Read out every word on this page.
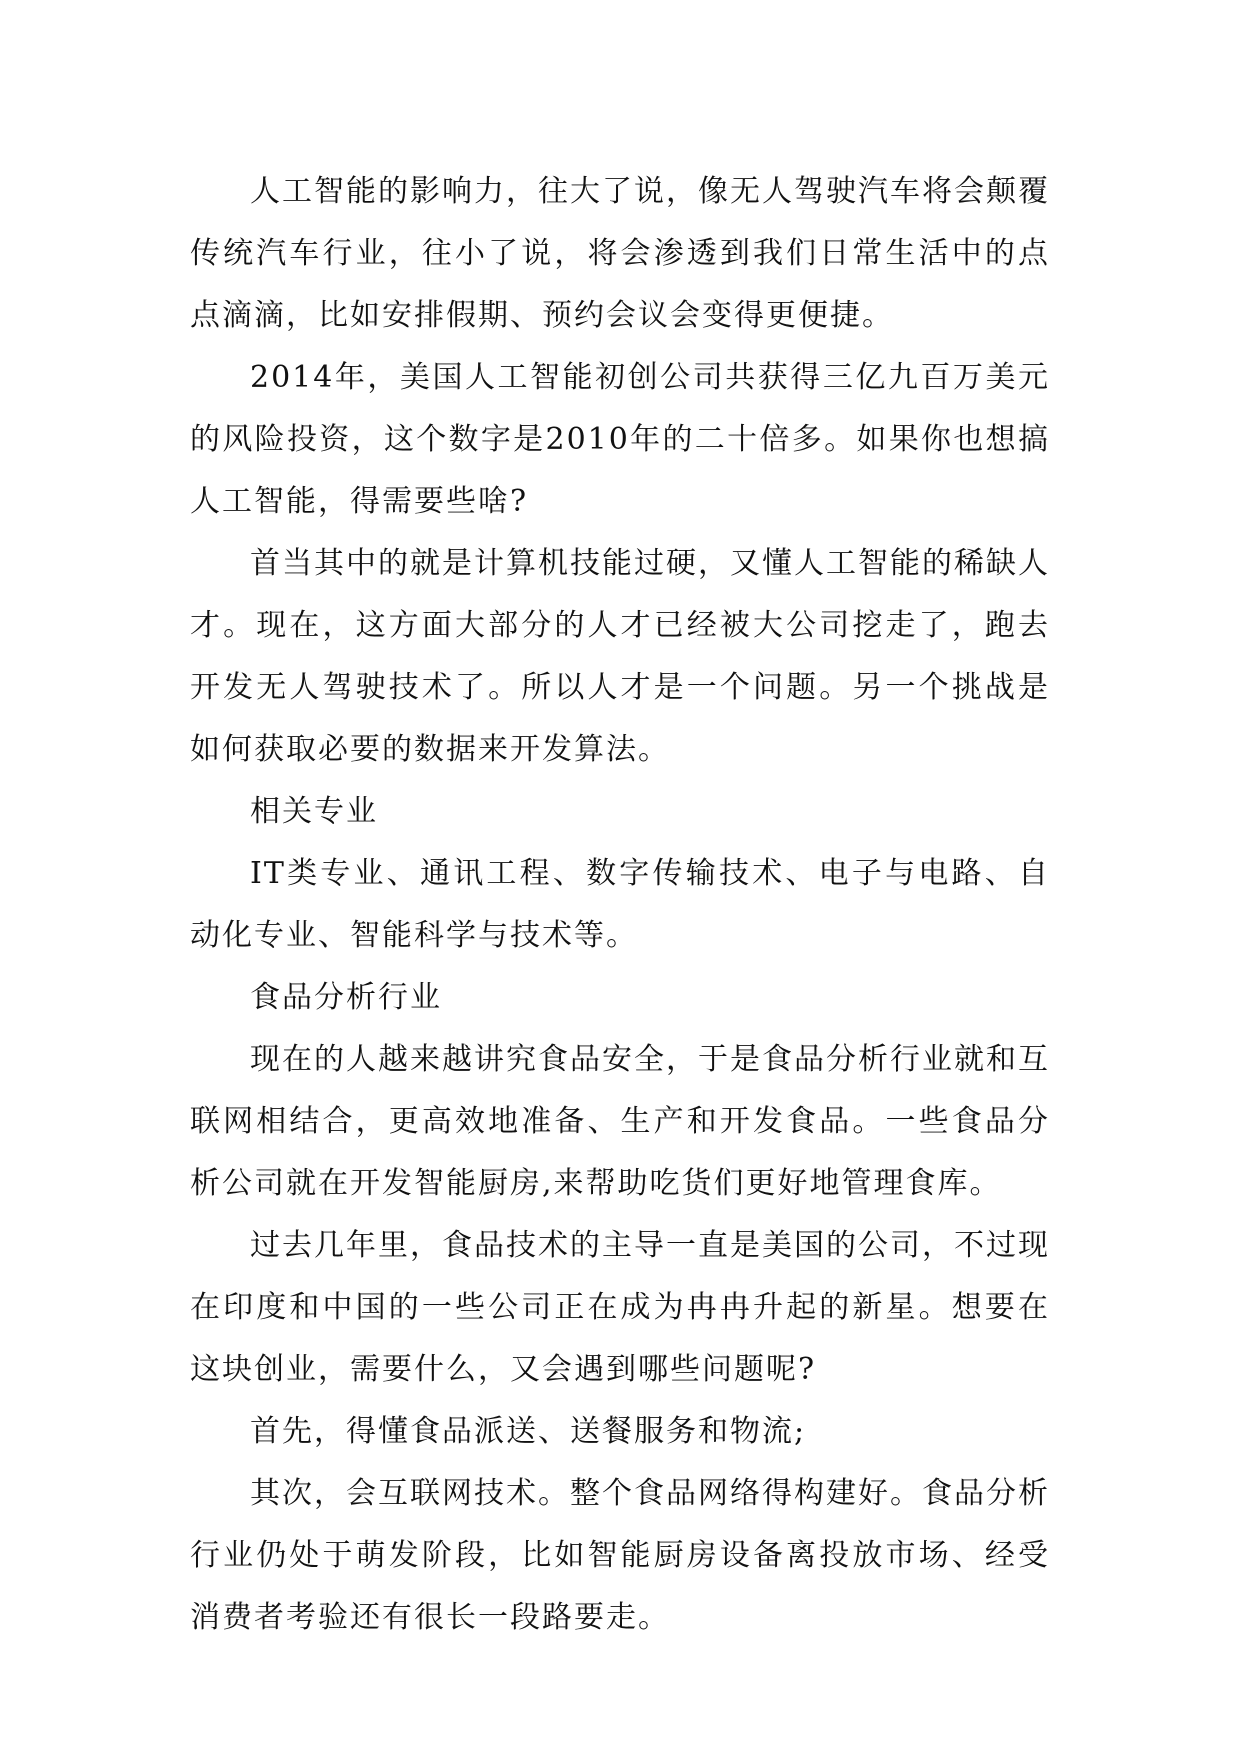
人工智能的影响力，往大了说，像无人驾驶汽车将会颠覆传统汽车行业，往小了说，将会渗透到我们日常生活中的点点滴滴，比如安排假期、预约会议会变得更便捷。

2014年，美国人工智能初创公司共获得三亿九百万美元的风险投资，这个数字是2010年的二十倍多。如果你也想搞人工智能，得需要些啥?

首当其中的就是计算机技能过硬，又懂人工智能的稀缺人才。现在，这方面大部分的人才已经被大公司挖走了，跑去开发无人驾驶技术了。所以人才是一个问题。另一个挑战是如何获取必要的数据来开发算法。

相关专业

IT类专业、通讯工程、数字传输技术、电子与电路、自动化专业、智能科学与技术等。

食品分析行业

现在的人越来越讲究食品安全，于是食品分析行业就和互联网相结合，更高效地准备、生产和开发食品。一些食品分析公司就在开发智能厨房,来帮助吃货们更好地管理食库。

过去几年里，食品技术的主导一直是美国的公司，不过现在印度和中国的一些公司正在成为冉冉升起的新星。想要在这块创业，需要什么，又会遇到哪些问题呢?

首先，得懂食品派送、送餐服务和物流;

其次，会互联网技术。整个食品网络得构建好。食品分析行业仍处于萌发阶段，比如智能厨房设备离投放市场、经受消费者考验还有很长一段路要走。
